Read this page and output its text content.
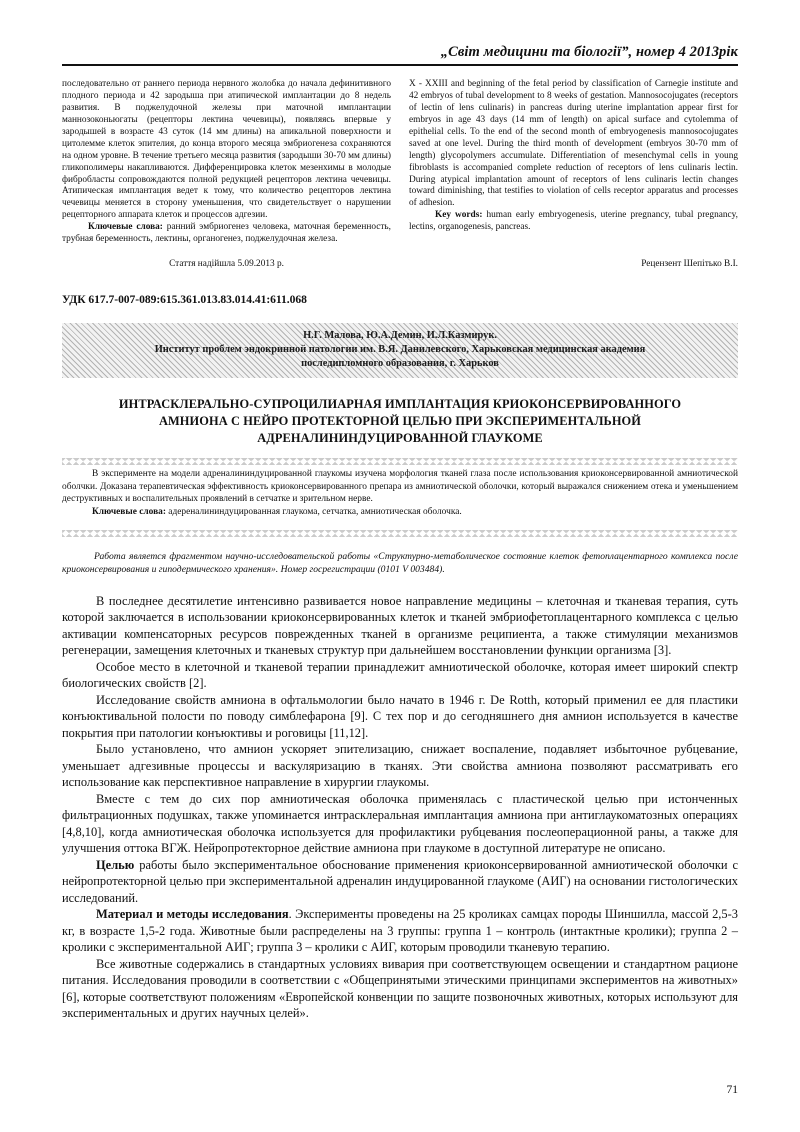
„Світ медицини та біології”, номер 4 2013рік

последовательно от раннего периода нервного жолобка до начала дефинитивного плодного периода и 42 зародыша при атипической имплантации до 8 недель развития. В поджелудочной железы при маточной имплантации маннозоконьюгаты (рецепторы лектина чечевицы), появляясь впервые у зародышей в возрасте 43 суток (14 мм длины) на апикальной поверхности и цитолемме клеток эпителия, до конца второго месяца эмбриогенеза сохраняются на одном уровне. В течение третьего месяца развития (зародыши 30-70 мм длины) гликополимеры накапливаются. Дифференцировка клеток мезенхимы в молодые фибробласты сопровождаются полной редукцией рецепторов лектина чечевицы. Атипическая имплантация ведет к тому, что количество рецепторов лектина чечевицы меняется в сторону уменьшения, что свидетельствует о нарушении рецепторного аппарата клеток и процессов адгезии.

Ключевые слова: ранний эмбриогенез человека, маточная беременность, трубная беременность, лектины, органогенез, поджелудочная железа.

X - XXIII and beginning of the fetal period by classification of Carnegie institute and 42 embryos of tubal development to 8 weeks of gestation. Mannosocojugates (receptors of lectin of lens culinaris) in pancreas during uterine implantation appear first for embryos in age 43 days (14 mm of length) on apical surface and cytolemma of epithelial cells. To the end of the second month of embryogenesis mannosocojugates saved at one level. During the third month of development (embryos 30-70 mm of length) glycopolymers accumulate. Differentiation of mesenchymal cells in young fibroblasts is accompanied complete reduction of receptors of lens culinaris lectin. During atypical implantation amount of receptors of lens culinaris lectin changes toward diminishing, that testifies to violation of cells receptor apparatus and processes of adhesion.

Key words: human early embryogenesis, uterine pregnancy, tubal pregnancy, lectins, organogenesis, pancreas.

Стаття надійшла 5.09.2013 р.	Рецензент Шепітько В.I.
УДК 617.7-007-089:615.361.013.83.014.41:611.068
Н.Г. Малова, Ю.А.Демин, И.Л.Казмирук.
Институт проблем эндокринной патологии им. В.Я. Данилевского, Харьковская медицинская академия
последипломного образования, г. Харьков
ИНТРАСКЛЕРАЛЬНО-СУПРОЦИЛИАРНАЯ ИМПЛАНТАЦИЯ КРИОКОНСЕРВИРОВАННОГО
АМНИОНА С НЕЙРО ПРОТЕКТОРНОЙ ЦЕЛЬЮ ПРИ ЭКСПЕРИМЕНТАЛЬНОЙ
АДРЕНАЛИНИНДУЦИРОВАННОЙ ГЛАУКОМЕ

В эксперименте на модели адреналининдуцированной глаукомы изучена морфология тканей глаза после использования криоконсервированной амниотической оболчки. Доказана терапевтическая эффективность криоконсервированного препара из амниотической оболочки, который выражался снижением отека и уменьшением деструктивных и воспалительных проявлений в сетчатке и зрительном нерве.

Ключевые слова: адереналининдуцированная глаукома, сетчатка, амниотическая оболочка.

Работа является фрагментом научно-исследовательской работы «Структурно-метаболическое состояние клеток фетоплацентарного комплекса после криоконсервирования и гиподермического хранения». Номер госрегистрации (0101 V 003484).

В последнее десятилетие интенсивно развивается новое направление медицины – клеточная и тканевая терапия, суть которой заключается в использовании криоконсервированных клеток и тканей эмбриофетоплацентарного комплекса с целью активации компенсаторных ресурсов поврежденных тканей в организме реципиента, а также стимуляции механизмов регенерации, замещения клеточных и тканевых структур при дальнейшем восстановлении функции организма [3].

Особое место в клеточной и тканевой терапии принадлежит амниотической оболочке, которая имеет широкий спектр биологических свойств [2].

Исследование свойств амниона в офтальмологии было начато в 1946 г. De Rotth, который применил ее для пластики конъюктивальной полости по поводу симблефарона [9]. С тех пор и до сегодняшнего дня амнион используется в качестве покрытия при патологии конъюктивы и роговицы [11,12].

Было установлено, что амнион ускоряет эпителизацию, снижает воспаление, подавляет избыточное рубцевание, уменьшает адгезивные процессы и васкуляризацию в тканях. Эти свойства амниона позволяют рассматривать его использование как перспективное направление в хирургии глаукомы.

Вместе с тем до сих пор амниотическая оболочка применялась с пластической целью при истонченных фильтрационных подушках, также упоминается интрасклеральная имплантация амниона при антиглаукоматозных операциях [4,8,10], когда амниотическая оболочка используется для профилактики рубцевания послеоперационной раны, а также для улучшения оттока ВГЖ. Нейропротекторное действие амниона при глаукоме в доступной литературе не описано.

Целью работы было экспериментальное обоснование применения криоконсервированной амниотической оболочки с нейропротекторной целью при экспериментальной адреналин индуцированной глаукоме (АИГ) на основании гистологических исследований.

Материал и методы исследования. Эксперименты проведены на 25 кроликах самцах породы Шиншилла, массой 2,5-3 кг, в возрасте 1,5-2 года. Животные были распределены на 3 группы: группа 1 – контроль (интактные кролики); группа 2 – кролики с экспериментальной АИГ; группа 3 – кролики с АИГ, которым проводили тканевую терапию.

Все животные содержались в стандартных условиях вивария при соответствующем освещении и стандартном рационе питания. Исследования проводили в соответствии с «Общепринятыми этическими принципами экспериментов на животных» [6], которые соответствуют положениям «Европейской конвенции по защите позвоночных животных, которых используют для экспериментальных и других научных целей».

71
